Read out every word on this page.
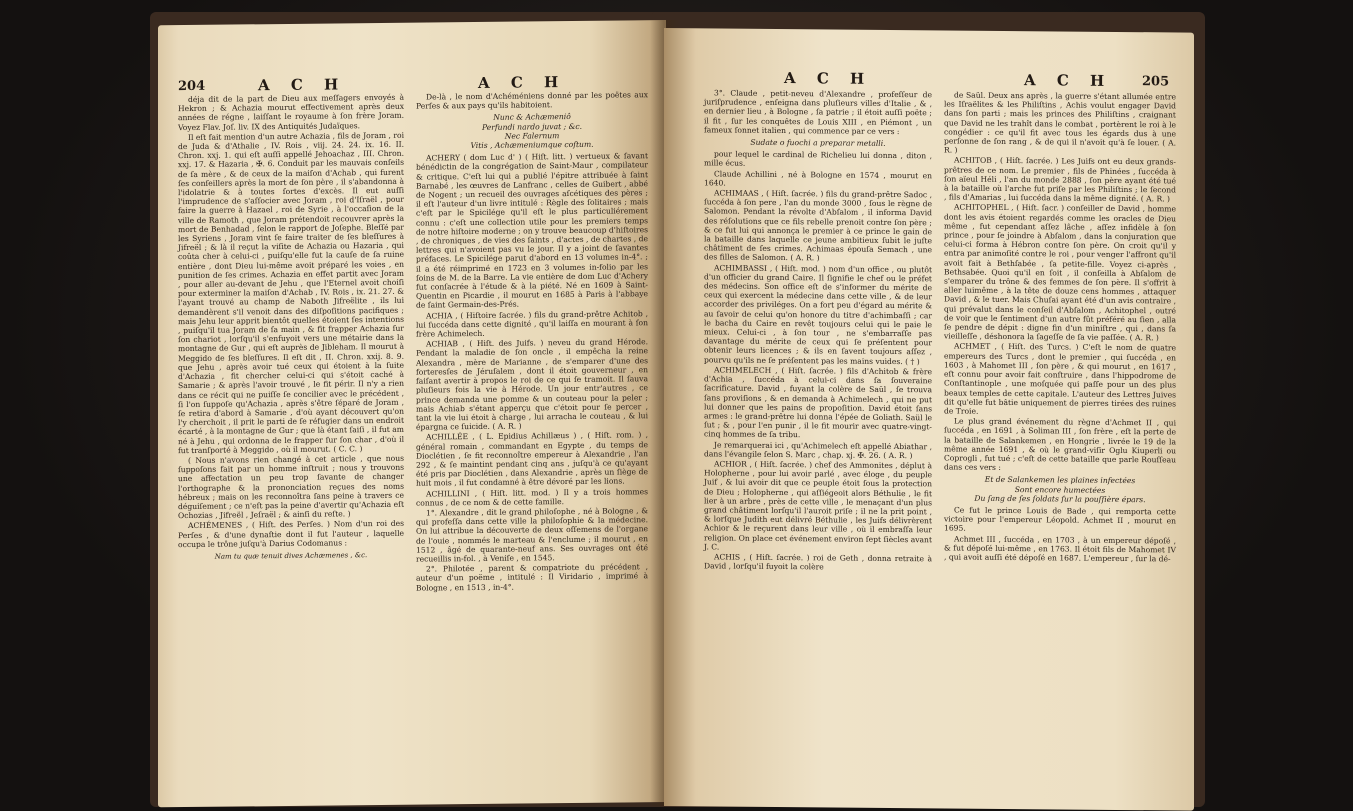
204	A C H	A C H

déja dit de la part de Dieu aux meſſagers envoyés à Hekron ; & Achazia mourut effectivement après deux années de régne , laiſſant le royaume à ſon frère Joram. Voyez Flav. Joſ. liv. IX des Antiquités Judaïques.

Il eſt fait mention d'un autre Achazia , fils de Joram , roi de Juda & d'Athalie , IV. Rois , viij. 24. 24. ix. 16. II. Chron. xxj. 1. qui eſt auſſi appellé Jehoachaz , III. Chron. xxj. 17. & Hazaria , ✠. 6. Conduit par les mauvais conſeils de ſa mère , & de ceux de la maiſon d'Achab , qui furent ſes conſeillers après la mort de ſon père , il s'abandonna à l'idolatrie & à toutes ſortes d'excès. Il eut auſſi l'imprudence de s'aſſocier avec Joram , roi d'Iſraël , pour faire la guerre à Hazael , roi de Syrie , à l'occaſion de la ville de Ramoth , que Joram prétendoit recouvrer après la mort de Benhadad , ſelon le rapport de Joſephe. Bleſſé par les Syriens , Joram vint ſe faire traiter de ſes bleſſures à Jifreël ; & là il reçut la viſite de Achazia ou Hazaria , qui coûta cher à celui-ci , puiſqu'elle fut la cauſe de ſa ruine entière , dont Dieu lui-même avoit préparé les voies , en punition de ſes crimes. Achazia en effet partit avec Joram , pour aller au-devant de Jehu , que l'Eternel avoit choiſi pour exterminer la maiſon d'Achab , IV. Rois , ix. 21. 27. & l'ayant trouvé au champ de Naboth Jifreëlite , ils lui demandèrent s'il venoit dans des diſpoſitions pacifiques ; mais Jehu leur apprit bientôt quelles étoient ſes intentions , puiſqu'il tua Joram de ſa main , & fit frapper Achazia ſur ſon chariot , lorſqu'il s'enfuyoit vers une métairie dans la montagne de Gur , qui eſt auprès de Jibleham. Il mourut à Meggido de ſes bleſſures. Il eſt dit , II. Chron. xxij. 8. 9. que Jehu , après avoir tué ceux qui étoient à la ſuite d'Achazia , fit chercher celui-ci qui s'étoit caché à Samarie ; & après l'avoir trouvé , le fit périr. Il n'y a rien dans ce récit qui ne puiſſe ſe concilier avec le précédent , ſi l'on ſuppoſe qu'Achazia , après s'être ſéparé de Joram , ſe retira d'abord à Samarie , d'où ayant découvert qu'on l'y cherchoit , il prit le parti de ſe réfugier dans un endroit écarté , à la montagne de Gur ; que là étant ſaiſi , il fut am né à Jehu , qui ordonna de le frapper ſur ſon char , d'où il fut tranſporté à Meggido , où il mourut. ( C. C. )

( Nous n'avons rien changé à cet article , que nous ſuppoſons fait par un homme inſtruit ; nous y trouvons une affectation un peu trop ſavante de changer l'orthographe & la prononciation reçues des noms hébreux ; mais on les reconnoîtra ſans peine à travers ce déguiſement ; ce n'eſt pas la peine d'avertir qu'Achazia eſt Ochozias , Jifreël , Jeſraël ; & ainſi du reſte. )

ACHÉMENES , ( Hiſt. des Perſes. ) Nom d'un roi des Perſes , & d'une dynaſtie dont il fut l'auteur , laquelle occupa le trône juſqu'à Darius Codomanus :

Nam tu quæ tenuit dives Achæmenes , &c.

De-là , le nom d'Achéméniens donné par les poëtes aux Perſes & aux pays qu'ils habitoient.

Nunc & Achæmeniô
Perfundi nardo juvat ; &c.
Nec Falernum
Vitis , Achæmeniumque coſtum.

ACHERY ( dom Luc d' ) ( Hiſt. litt. ) vertueux & ſavant bénédictin de la congrégation de Saint-Maur , compilateur & critique. C'eſt lui qui a publié l'épitre attribuée à ſaint Barnabé , les œuvres de Lanfranc , celles de Guibert , abbé de Nogent ; un recueil des ouvrages aſcétiques des pères ; il eſt l'auteur d'un livre intitulé : Règle des ſolitaires ; mais c'eſt par le Spicilége qu'il eſt le plus particuliérement connu : c'eſt une collection utile pour les premiers temps de notre hiſtoire moderne ; on y trouve beaucoup d'hiſtoires , de chroniques , de vies des ſaints , d'actes , de chartes , de lettres qui n'avoient pas vu le jour. Il y a joint de ſavantes préfaces. Le Spicilége parut d'abord en 13 volumes in-4°. ; il a été réimprimé en 1723 en 3 volumes in-folio par les ſoins de M. de la Barre. La vie entière de dom Luc d'Achery fut conſacrée à l'étude & à la piété. Né en 1609 à Saint-Quentin en Picardie , il mourut en 1685 à Paris à l'abbaye de ſaint Germain-des-Prés.

ACHIA , ( Hiſtoire ſacrée. ) fils du grand-prêtre Achitob , lui ſuccéda dans cette dignité , qu'il laiſſa en mourant à ſon frère Achimelech.

ACHIAB , ( Hiſt. des Juifs. ) neveu du grand Hérode. Pendant la maladie de ſon oncle , il empêcha la reine Alexandra , mère de Marianne , de s'emparer d'une des forteresſes de Jéruſalem , dont il étoit gouverneur , en faiſant avertir à propos le roi de ce qui ſe tramoit. Il ſauva pluſieurs fois la vie à Hérode. Un jour entr'autres , ce prince demanda une pomme & un couteau pour la peler ; mais Achiab s'étant apperçu que c'étoit pour ſe percer , tant la vie lui étoit à charge , lui arracha le couteau , & lui épargna ce ſuicide. ( A. R. )

ACHILLÉE , ( L. Epidius Achillæus ) , ( Hiſt. rom. ) , général romain , commandant en Egypte , du temps de Dioclétien , ſe fit reconnoître empereur à Alexandrie , l'an 292 , & ſe maintint pendant cinq ans , juſqu'à ce qu'ayant été pris par Dioclétien , dans Alexandrie , après un ſiège de huit mois , il fut condamné à être dévoré par les lions.

ACHILLINI , ( Hiſt. litt. mod. ) Il y a trois hommes connus , de ce nom & de cette famille.

1°. Alexandre , dit le grand philoſophe , né à Bologne , & qui profeſſa dans cette ville la philoſophie & la médecine. On lui attribue la découverte de deux oſſemens de l'organe de l'ouie , nommés le marteau & l'enclume ; il mourut , en 1512 , âgé de quarante-neuf ans. Ses ouvrages ont été recueillis in-fol. , à Veniſe , en 1545.

2°. Philotée , parent & compatriote du précédent , auteur d'un poëme , intitulé : Il Viridario , imprimé à Bologne , en 1513 , in-4°.

A C H	A C H 205

3°. Claude , petit-neveu d'Alexandre , profeſſeur de juriſprudence , enſeigna dans pluſieurs villes d'Italie , & , en dernier lieu , à Bologne , ſa patrie ; il étoit auſſi poëte ; il fit , ſur les conquêtes de Louis XIII , en Piémont , un fameux ſonnet italien , qui commence par ce vers :

Sudate o fuochi a preparar metalli.

pour lequel le cardinal de Richelieu lui donna , diton , mille écus.

Claude Achillini , né à Bologne en 1574 , mourut en 1640.

ACHIMAAS , ( Hiſt. ſacrée. ) fils du grand-prêtre Sadoc , ſuccéda à ſon pere , l'an du monde 3000 , ſous le règne de Salomon. Pendant la révolte d'Abſalom , il informa David des réſolutions que ce fils rebelle prenoit contre ſon père ; & ce fut lui qui annonça le premier à ce prince le gain de la bataille dans laquelle ce jeune ambitieux ſubit le juſte châtiment de ſes crimes. Achimaas épouſa Semach , une des filles de Salomon. ( A. R. )

ACHIMBASSI , ( Hiſt. mod. ) nom d'un office , ou plutôt d'un officier du grand Caire. Il ſignifie le chef ou le préfet des médecins. Son office eſt de s'informer du mérite de ceux qui exercent la médecine dans cette ville , & de leur accorder des priviléges. On a fort peu d'égard au mérite & au ſavoir de celui qu'on honore du titre d'achimbaſſi ; car le bacha du Caire en revêt toujours celui qui le paie le mieux. Celui-ci , à ſon tour , ne s'embarraſſe pas davantage du mérite de ceux qui ſe préſentent pour obtenir leurs licences ; & ils en ſavent toujours aſſez , pourvu qu'ils ne ſe préſentent pas les mains vuides. ( † )

ACHIMELECH , ( Hiſt. ſacrée. ) fils d'Achitob & frère d'Achia , ſuccéda à celui-ci dans ſa ſouveraine ſacrificature. David , fuyant la colère de Saül , ſe trouva ſans proviſions , & en demanda à Achimelech , qui ne put lui donner que les pains de propoſition. David étoit ſans armes : le grand-prêtre lui donna l'épée de Goliath. Saül le ſut ; & , pour l'en punir , il le fit mourir avec quatre-vingt-cinq hommes de ſa tribu.

Je remarquerai ici , qu'Achimelech eſt appellé Abiathar , dans l'évangile ſelon S. Marc , chap. xj. ✠. 26. ( A. R. )

ACHIOR , ( Hiſt. ſacrée. ) chef des Ammonites , déplut à Holopherne , pour lui avoir parlé , avec éloge , du peuple Juif , & lui avoir dit que ce peuple étoit ſous la protection de Dieu ; Holopherne , qui aſſiégeoit alors Béthulie , le fit lier à un arbre , près de cette ville , le menaçant d'un plus grand châtiment lorſqu'il l'auroit priſe ; il ne la prit point , & lorſque Judith eut délivré Béthulie , les Juifs délivrèrent Achior & le reçurent dans leur ville , où il embraſſa leur religion. On place cet événement environ ſept ſiècles avant J. C.

ACHIS , ( Hiſt. ſacrée. ) roi de Geth , donna retraite à David , lorſqu'il fuyoit la colère

de Saül. Deux ans après , la guerre s'étant allumée entre les Iſraëlites & les Philiſtins , Achis voulut engager David dans ſon parti ; mais les princes des Philiſtins , craignant que David ne les trahît dans le combat , portèrent le roi à le congédier : ce qu'il fit avec tous les égards dus à une perſonne de ſon rang , & de qui il n'avoit qu'à ſe louer. ( A. R. )

ACHITOB , ( Hiſt. ſacrée. ) Les Juifs ont eu deux grands-prêtres de ce nom. Le premier , fils de Phinées , ſuccéda à ſon aïeul Héli , l'an du monde 2888 , ſon père ayant été tué à la bataille où l'arche fut priſe par les Philiſtins ; le ſecond , fils d'Amarias , lui ſuccéda dans la même dignité. ( A. R. )

ACHITOPHEL , ( Hiſt. ſacr. ) conſeiller de David , homme dont les avis étoient regardés comme les oracles de Dieu même , fut cependant aſſez lâche , aſſez infidèle à ſon prince , pour ſe joindre à Abſalom , dans la conjuration que celui-ci forma à Hébron contre ſon père. On croit qu'il y entra par animoſité contre le roi , pour venger l'affront qu'il avoit fait à Bethſabée , ſa petite-fille. Voyez ci-après , Bethsabée. Quoi qu'il en ſoit , il conſeilla à Abſalom de s'emparer du trône & des femmes de ſon père. Il s'offrit à aller luimême , à la tête de douze cens hommes , attaquer David , & le tuer. Mais Chuſai ayant été d'un avis contraire , qui prévalut dans le conſeil d'Abſalom , Achitophel , outré de voir que le ſentiment d'un autre fût préféré au ſien , alla ſe pendre de dépit : digne fin d'un miniſtre , qui , dans ſa vieilleſſe , déshonora la ſageſſe de ſa vie paſſée. ( A. R. )

ACHMET , ( Hiſt. des Turcs. ) C'eſt le nom de quatre empereurs des Turcs , dont le premier , qui ſuccéda , en 1603 , à Mahomet III , ſon père , & qui mourut , en 1617 , eſt connu pour avoir fait conſtruire , dans l'hippodrome de Conſtantinople , une moſquée qui paſſe pour un des plus beaux temples de cette capitale. L'auteur des Lettres Juives dit qu'elle fut bâtie uniquement de pierres tirées des ruines de Troie.

Le plus grand événement du règne d'Achmet II , qui ſuccéda , en 1691 , à Soliman III , ſon frère , eſt la perte de la bataille de Salankemen , en Hongrie , livrée le 19 de la même année 1691 , & où le grand-viſir Oglu Kiuperli ou Coprogli , fut tué ; c'eſt de cette bataille que parle Rouſſeau dans ces vers :

Et de Salankemen les plaines infectées
Sont encore humectées
Du ſang de ſes ſoldats ſur la pouſſière épars.

Ce fut le prince Louis de Bade , qui remporta cette victoire pour l'empereur Léopold. Achmet II , mourut en 1695.

Achmet III , ſuccéda , en 1703 , à un empereur dépoſé , & fut dépoſé lui-même , en 1763. Il étoit fils de Mahomet IV , qui avoit auſſi été dépoſé en 1687. L'empereur , ſur la dé-
